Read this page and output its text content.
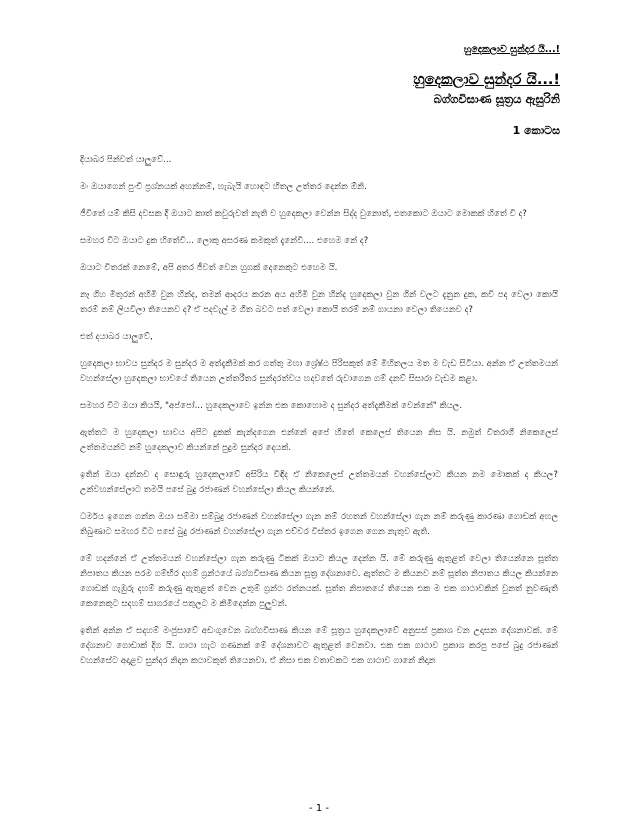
හුදෙකලාව සුන්දර යි...!
හුදෙකලාව සුන්දර යි...!
බග්ගවිසාණ සූත්‍රය ඇසුරිනි
1 කොටස

දියාබර පින්වත් යාලුවේ...

මං ඔයාගෙන් පුංචි ප්‍රශ්නයක් අහන්නම්, හැබැයි හොඳට හිතල උත්තර දෙන්න ඕනි.

ජීවිතේ යම් කිසි දවසක දී ඔයාට කාත් කවුරුවත් නැති ව හුදෙකලා වෙන්න සිද්ද වුනොත්, එතකොට ඔයාට මොකක් හිතේ වි ද?

සමහර විට ඔයාට දුක හිතේවි... ලොකු අසරණ කමකුත් දැනේවි.... එහෙම නේ ද?

ඔයාට විතරක් නෙමේ, අපි අතර ජීවත් වෙන හුගක් දෙනෙකුට එහෙම යි.

නෑ ගිහ මිතුරන් අහිමි වුන හින්ද, තමන් ආදරය කරන අය අහිමි වුන හින්ද හුදෙකලා වුන ගින් වලට දැනුන දුක, කවි පද වෙලා කොයි තරම් නම් ලියවිලා තියෙනව ද? ඒ පදවැල් ම ගීත බවට පත් වෙලා කොයි තරම් නම් ගායනා වෙලා තියෙනව ද?

එත් දයාබර යාලුවේ,

හුදෙකලා භාවය සුන්දර ම සුන්දර ම අත්දැකීමක් කර ගත්තු මහා ශ්‍රේෂ්ඨ පිරිසකුත් මේ මිහිතලය මත ම වැඩ සිටියා. අන්න ඒ උත්තමයන් වහන්සේලා හුදෙකලා භාවයේ තියෙන උත්තරීතර සුන්දරත්වය හදවතේ රුවාගෙන ගම් දනව් සිසාරා වැඩම කළා.

සමහර විට ඔයා කියයි, "අප්පෝ... හුදෙකලාවෙ ඉන්න එක කොහොම ද සුන්දර අත්දැකීමක් වෙන්නේ" කියල.

ඇත්තට ම හුදෙකලා භාවය අපිට දුකක් කැන්දගෙන එන්නේ අපේ හිතේ කෙලෙස් තියෙන නිස යි. නමුත් විතරාගී නිකෙලෙස් උත්තමයන්ට නම් හුදෙකලාව කියන්නේ පුදුම සුන්දර දෙයක්.

ඉතින් ඔයා දන්නව ද සොඳුරු හුදෙකලාවේ අසිරිය විඳිද ඒ නිකෙලෙස් උත්තමයන් වහන්සේලාට කියන නම මොකක් ද කියල? උන්වහන්සේලාට තමයි පසේ බුදු රජාණන් වහන්සේලා කියල කියන්නේ.

ධර්මය ඉගෙන ගන්න ඔයා සම්මා සම්බුදු රජාණන් වහන්සේලා ගැන නම් රහතන් වහන්සේලා ගැන නම් කරුණු කාරණා ගොඩක් අහල තිබුණාට සමහර විට පසේ බුදු රජාණන් වහන්සේලා ගැන එච්චර විස්තර ඉගෙන ගෙන නැතුව ඇති.

මේ හදන්නේ ඒ උත්තමයන් වහන්සේලා ගැන කරුණු ටිකක් ඔයාට කියල දෙන්න යි. මේ කරුණු ඇතුළත් වෙලා තියෙන්නෙ සූත්ත නිපාතය කියන පරම ගම්භීර දහම් ග්‍රන්ථයේ බග්ගවිසාණ කියන සූත්‍ර දේශනාවෙ. ඇත්තට ම කියනව නම් සූත්ත නිපාතය කියල කියන්නෙ ගොඩක් ගැඹුරු දහම් කරුණු ඇතුළත් වෙන උතුම් ග්‍රන්ථ රත්නයක්. සූත්ත නිපාතයේ තියෙන එක ම එක ගාථාවකින් වුනත් නුවණැති කෙනෙකුට සදහම් සාගරයේ පතුලට ම කිමිදෙන්න පුලුවන්.

ඉතින් අන්න ඒ සදහම් මංජුසාවේ අඩංගුවෙන බග්ගවිසාණ කියන මේ සූත්‍රය හුදෙකලාවේ අනුසස් ප්‍රකාශ වන උදාසන දේශනාවක්. මේ දේශනාව ගොඩාක් දිග යි. ගාථා හැට ගණනක් මේ දේශනාවට ඇතුළත් වෙනවා. එක එක ගාථාව ප්‍රකාශ කරපු පසේ බුදු රජාණන් වහන්සේට අදාළව සුන්දර නිදාන කථාවකුත් තියෙනවා. ඒ නිසා එක වතාවකට එක ගාථාව ගානේ නිදාන

- 1 -
